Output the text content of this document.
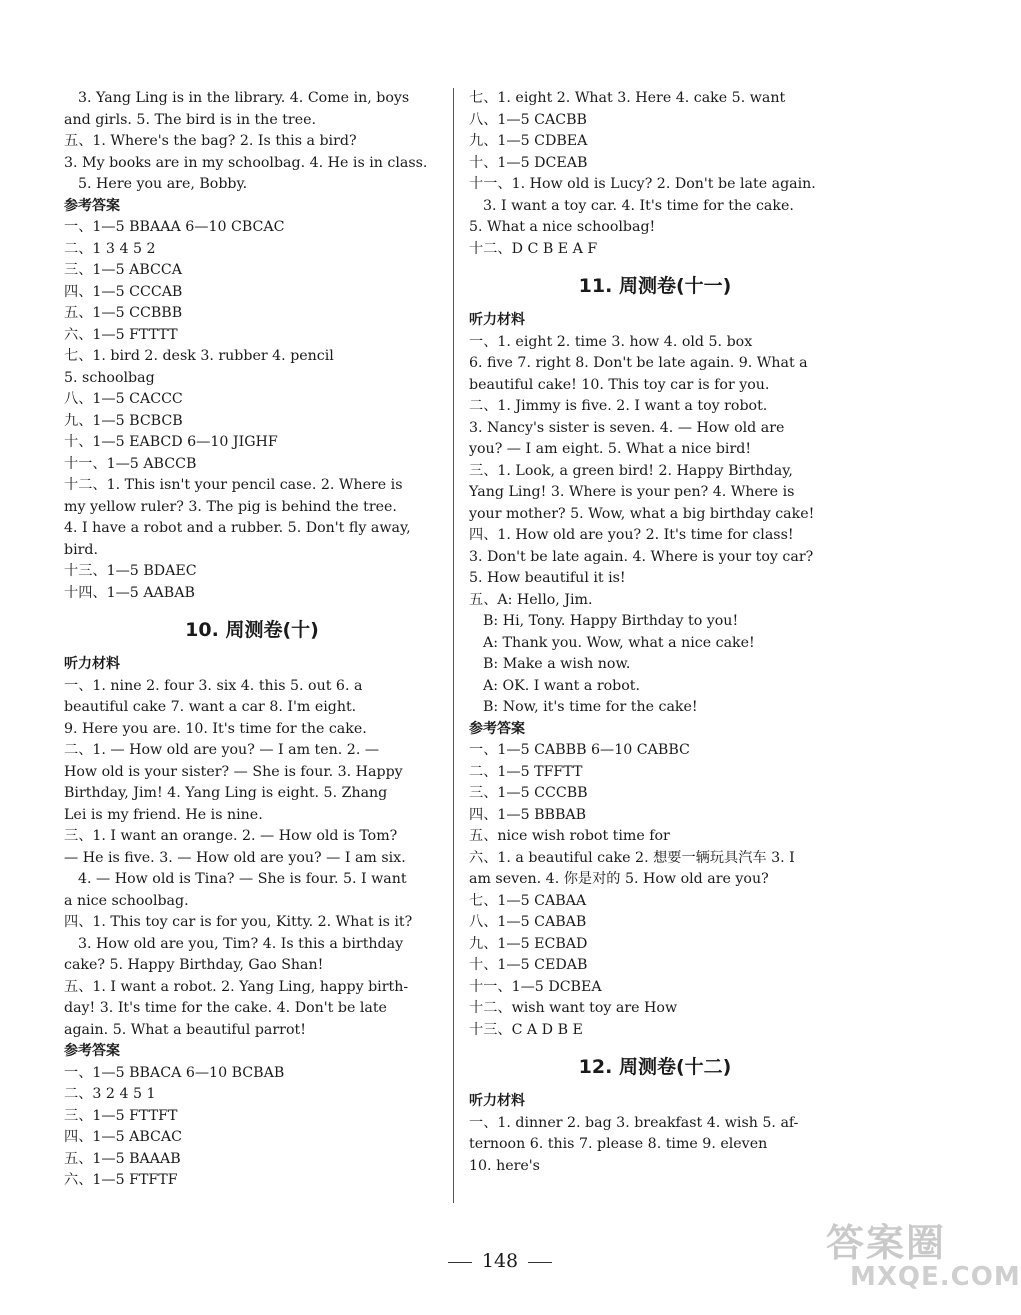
3. Yang Ling is in the library. 4. Come in, boys
and girls. 5. The bird is in the tree.
五、1. Where's the bag? 2. Is this a bird?
3. My books are in my schoolbag. 4. He is in class.
5. Here you are, Bobby.
参考答案
一、1—5 BBAAA 6—10 CBCAC
二、1 3 4 5 2
三、1—5 ABCCA
四、1—5 CCCAB
五、1—5 CCBBB
六、1—5 FTTTT
七、1. bird 2. desk 3. rubber 4. pencil
5. schoolbag
八、1—5 CACCC
九、1—5 BCBCB
十、1—5 EABCD 6—10 JIGHF
十一、1—5 ABCCB
十二、1. This isn't your pencil case. 2. Where is
my yellow ruler? 3. The pig is behind the tree.
4. I have a robot and a rubber. 5. Don't fly away,
bird.
十三、1—5 BDAEC
十四、1—5 AABAB
10. 周测卷(十)
听力材料
一、1. nine 2. four 3. six 4. this 5. out 6. a
beautiful cake 7. want a car 8. I'm eight.
9. Here you are. 10. It's time for the cake.
二、1. — How old are you? — I am ten. 2. —
How old is your sister? — She is four. 3. Happy
Birthday, Jim! 4. Yang Ling is eight. 5. Zhang
Lei is my friend. He is nine.
三、1. I want an orange. 2. — How old is Tom?
— He is five. 3. — How old are you? — I am six.
4. — How old is Tina? — She is four. 5. I want
a nice schoolbag.
四、1. This toy car is for you, Kitty. 2. What is it?
3. How old are you, Tim? 4. Is this a birthday
cake? 5. Happy Birthday, Gao Shan!
五、1. I want a robot. 2. Yang Ling, happy birth-
day! 3. It's time for the cake. 4. Don't be late
again. 5. What a beautiful parrot!
参考答案
一、1—5 BBACA 6—10 BCBAB
二、3 2 4 5 1
三、1—5 FTTFT
四、1—5 ABCAC
五、1—5 BAAAB
六、1—5 FTFTF
七、1. eight 2. What 3. Here 4. cake 5. want
八、1—5 CACBB
九、1—5 CDBEA
十、1—5 DCEAB
十一、1. How old is Lucy? 2. Don't be late again.
3. I want a toy car. 4. It's time for the cake.
5. What a nice schoolbag!
十二、D C B E A F
11. 周测卷(十一)
听力材料
一、1. eight 2. time 3. how 4. old 5. box
6. five 7. right 8. Don't be late again. 9. What a
beautiful cake! 10. This toy car is for you.
二、1. Jimmy is five. 2. I want a toy robot.
3. Nancy's sister is seven. 4. — How old are
you? — I am eight. 5. What a nice bird!
三、1. Look, a green bird! 2. Happy Birthday,
Yang Ling! 3. Where is your pen? 4. Where is
your mother? 5. Wow, what a big birthday cake!
四、1. How old are you? 2. It's time for class!
3. Don't be late again. 4. Where is your toy car?
5. How beautiful it is!
五、A: Hello, Jim.
B: Hi, Tony. Happy Birthday to you!
A: Thank you. Wow, what a nice cake!
B: Make a wish now.
A: OK. I want a robot.
B: Now, it's time for the cake!
参考答案
一、1—5 CABBB 6—10 CABBC
二、1—5 TFFTT
三、1—5 CCCBB
四、1—5 BBBAB
五、nice wish robot time for
六、1. a beautiful cake 2. 想要一辆玩具汽车 3. I
am seven. 4. 你是对的 5. How old are you?
七、1—5 CABAA
八、1—5 CABAB
九、1—5 ECBAD
十、1—5 CEDAB
十一、1—5 DCBEA
十二、wish want toy are How
十三、C A D B E
12. 周测卷(十二)
听力材料
一、1. dinner 2. bag 3. breakfast 4. wish 5. af-
ternoon 6. this 7. please 8. time 9. eleven
10. here's
148	答案圈
MXQE.COM
